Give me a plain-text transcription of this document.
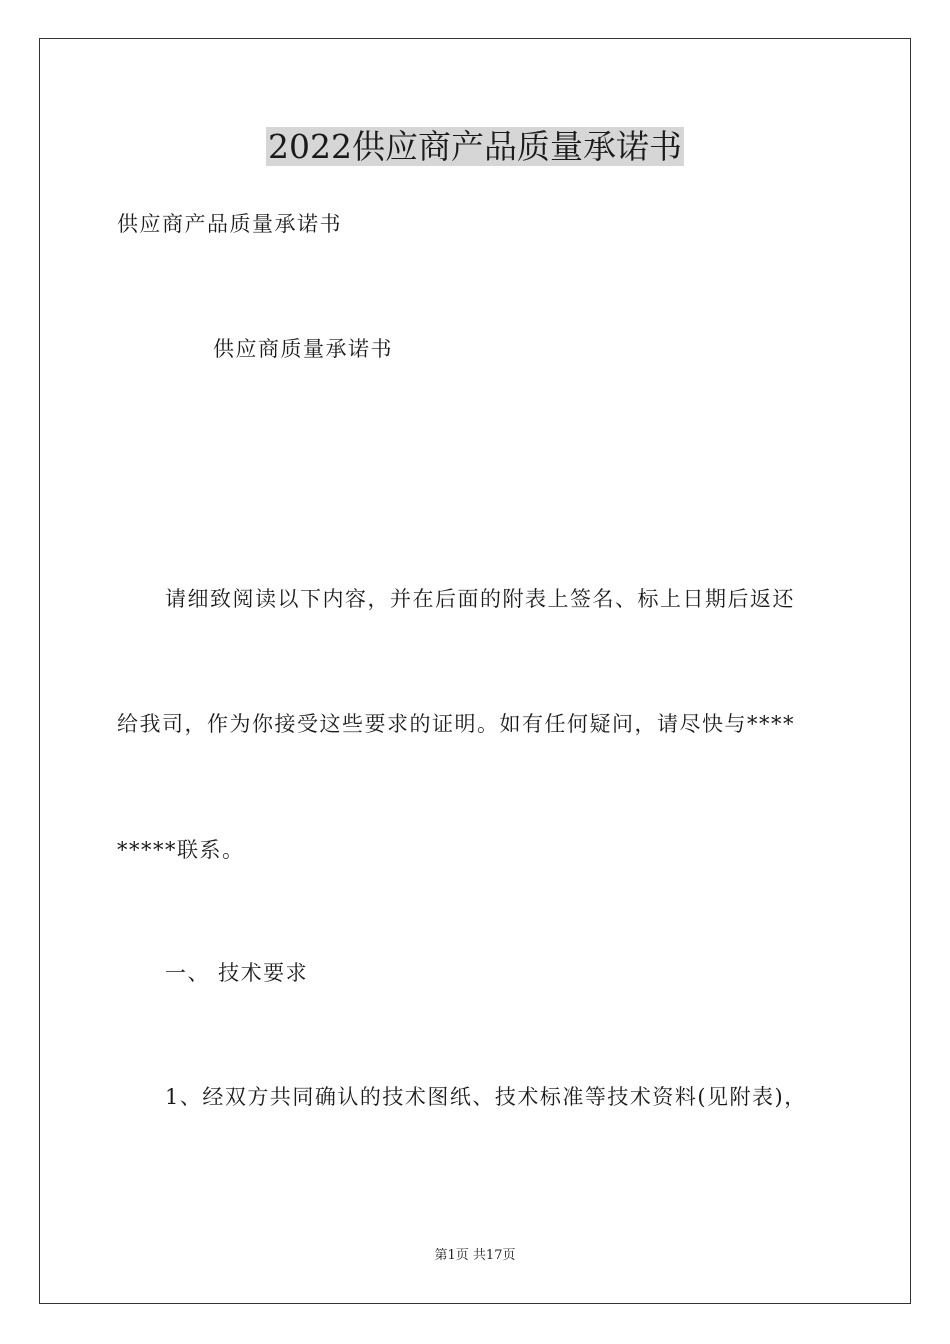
2022供应商产品质量承诺书

供应商产品质量承诺书

供应商质量承诺书

请细致阅读以下内容，并在后面的附表上签名、标上日期后返还

给我司，作为你接受这些要求的证明。如有任何疑问，请尽快与****

*****联系。

一、 技术要求

1、经双方共同确认的技术图纸、技术标准等技术资料(见附表)，

第1页 共17页
